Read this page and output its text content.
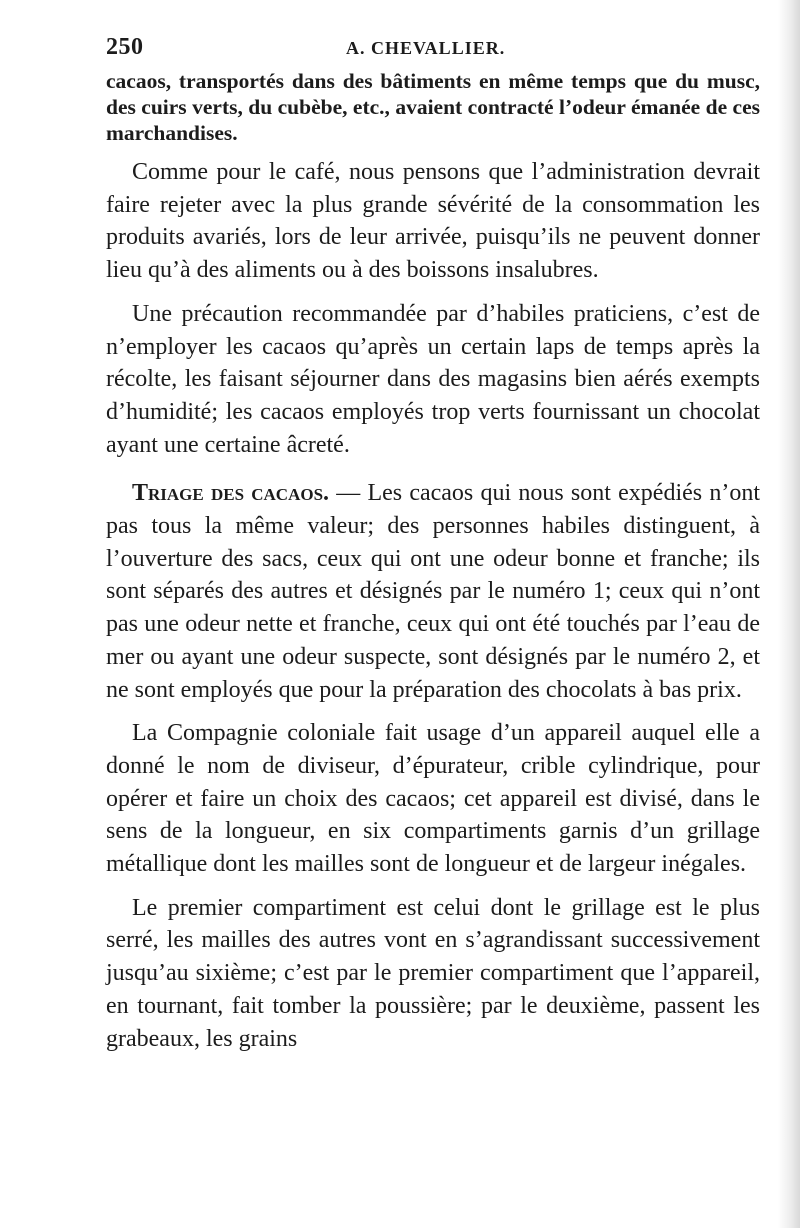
250	A. CHEVALLIER.

cacaos, transportés dans des bâtiments en même temps que du musc, des cuirs verts, du cubèbe, etc., avaient contracté l’odeur émanée de ces marchandises.

Comme pour le café, nous pensons que l’administration devrait faire rejeter avec la plus grande sévérité de la consommation les produits avariés, lors de leur arrivée, puisqu’ils ne peuvent donner lieu qu’à des aliments ou à des boissons insalubres.

Une précaution recommandée par d’habiles praticiens, c’est de n’employer les cacaos qu’après un certain laps de temps après la récolte, les faisant séjourner dans des magasins bien aérés exempts d’humidité; les cacaos employés trop verts fournissant un chocolat ayant une certaine âcreté.

Triage des cacaos. — Les cacaos qui nous sont expédiés n’ont pas tous la même valeur; des personnes habiles distinguent, à l’ouverture des sacs, ceux qui ont une odeur bonne et franche; ils sont séparés des autres et désignés par le numéro 1; ceux qui n’ont pas une odeur nette et franche, ceux qui ont été touchés par l’eau de mer ou ayant une odeur suspecte, sont désignés par le numéro 2, et ne sont employés que pour la préparation des chocolats à bas prix.

La Compagnie coloniale fait usage d’un appareil auquel elle a donné le nom de diviseur, d’épurateur, crible cylindrique, pour opérer et faire un choix des cacaos; cet appareil est divisé, dans le sens de la longueur, en six compartiments garnis d’un grillage métallique dont les mailles sont de longueur et de largeur inégales.

Le premier compartiment est celui dont le grillage est le plus serré, les mailles des autres vont en s’agrandissant successivement jusqu’au sixième; c’est par le premier compartiment que l’appareil, en tournant, fait tomber la poussière; par le deuxième, passent les grabeaux, les grains
